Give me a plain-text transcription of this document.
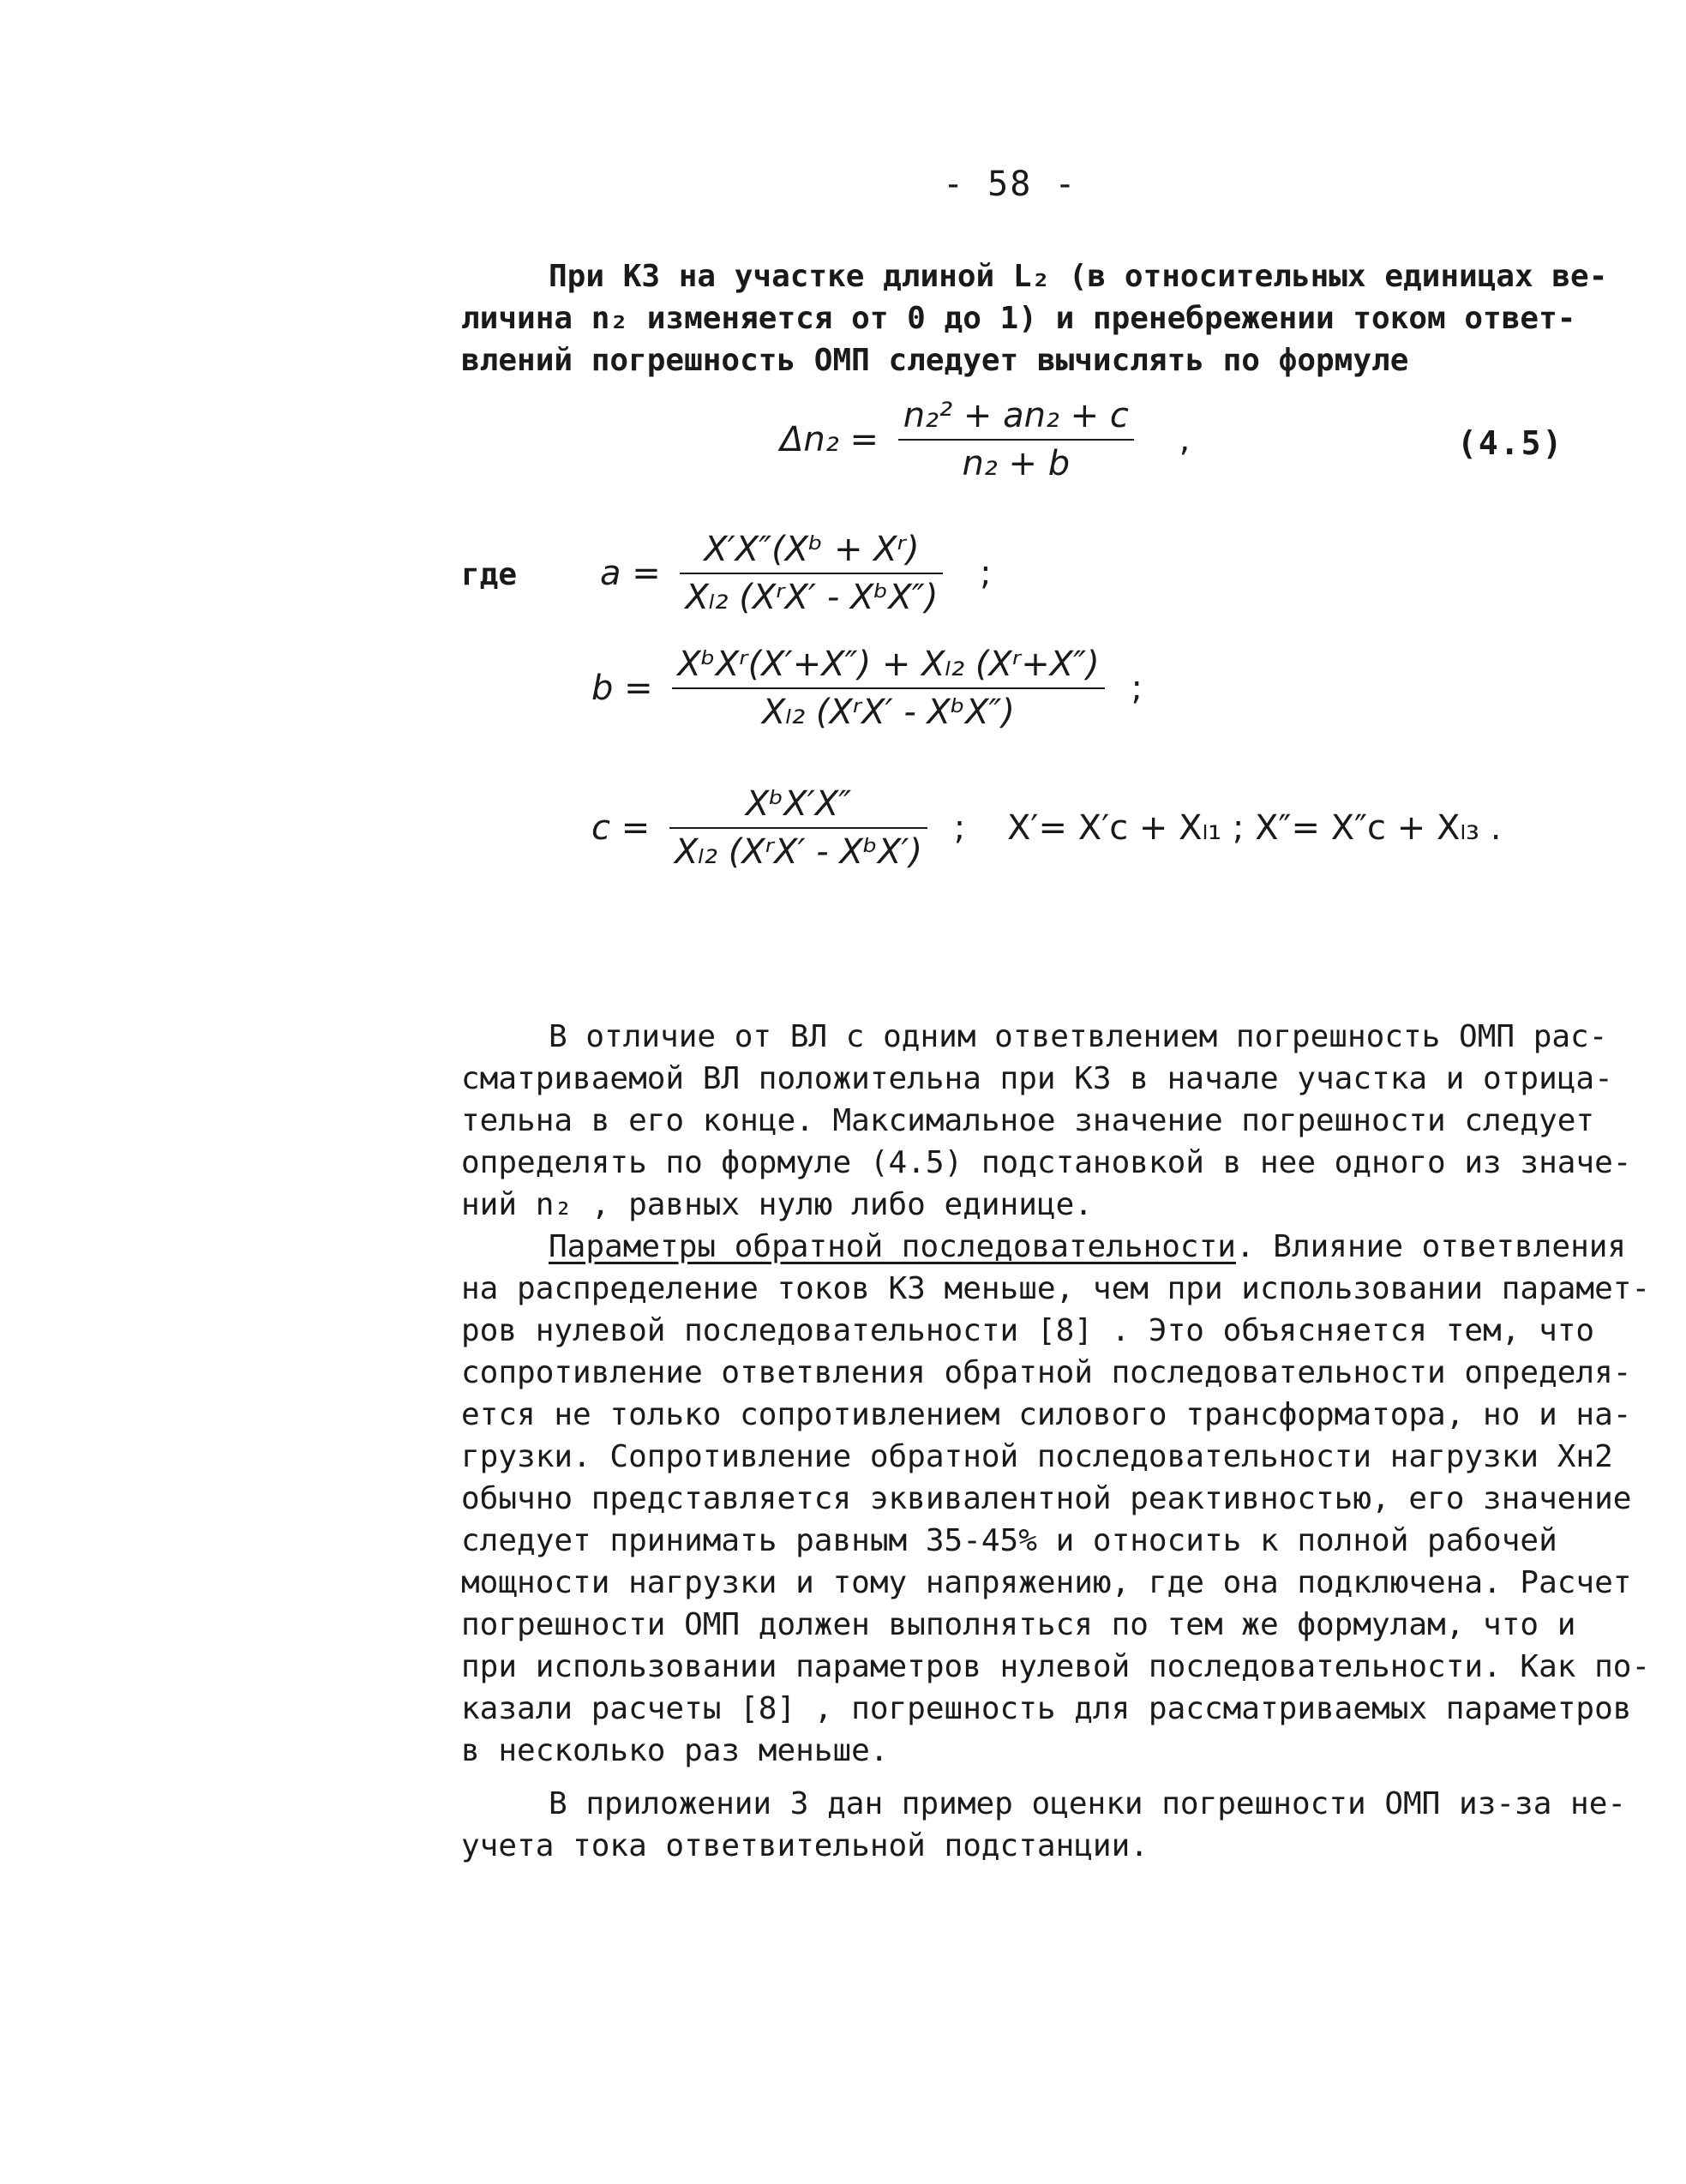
- 58 -
При КЗ на участке длиной L₂ (в относительных единицах ве-
личина n₂ изменяется от 0 до 1) и пренебрежении током ответ-
влений погрешность ОМП следует вычислять по формуле
$\Delta n_2 = \frac{\text{n₂² + an₂ + c}}{\text{n₂ + b}}$ ,	(4.5)
где $a = \frac{\text{X′X″(Xᵇ + Xʳ)}}{\text{Xₗ₂ (XʳX′ - XᵇX″)}}$ ;
$b = \frac{\text{XᵇXʳ(X′+X″) + Xₗ₂ (Xʳ+X″)}}{\text{Xₗ₂ (XʳX′ - XᵇX″)}}$ ;
$c = \frac{\text{XᵇX′X″}}{\text{Xₗ₂ (XʳX′ - XᵇX′)}}$ ; X′= X′c + Xₗ₁ ; X″= X″c + Xₗ₃ .
В отличие от ВЛ с одним ответвлением погрешность ОМП рас-
сматриваемой ВЛ положительна при КЗ в начале участка и отрица-
тельна в его конце. Максимальное значение погрешности следует
определять по формуле (4.5) подстановкой в нее одного из значе-
ний n₂ , равных нулю либо единице.
Параметры обратной последовательности. Влияние ответвления
на распределение токов КЗ меньше, чем при использовании парамет-
ров нулевой последовательности [8] . Это объясняется тем, что
сопротивление ответвления обратной последовательности определя-
ется не только сопротивлением силового трансформатора, но и на-
грузки. Сопротивление обратной последовательности нагрузки Xн2
обычно представляется эквивалентной реактивностью, его значение
следует принимать равным 35-45% и относить к полной рабочей
мощности нагрузки и тому напряжению, где она подключена. Расчет
погрешности ОМП должен выполняться по тем же формулам, что и
при использовании параметров нулевой последовательности. Как по-
казали расчеты [8] , погрешность для рассматриваемых параметров
в несколько раз меньше.
В приложении 3 дан пример оценки погрешности ОМП из-за не-
учета тока ответвительной подстанции.
